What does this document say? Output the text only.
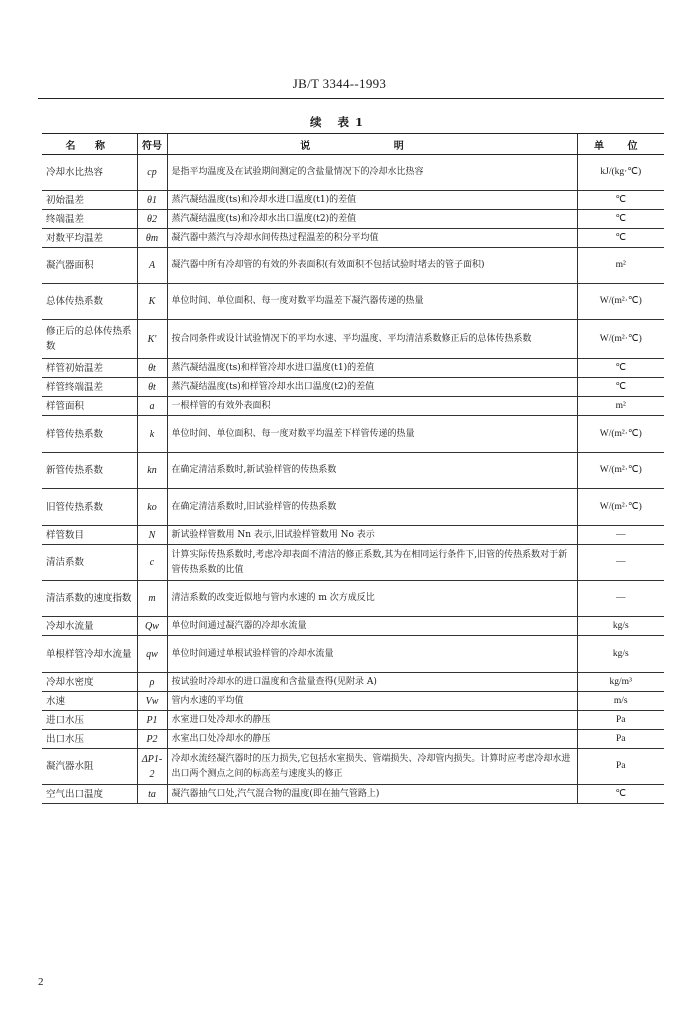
JB/T 3344--1993
续 表1
名 称	符号	说 明	单 位
冷却水比热容	cp	是指平均温度及在试验期间测定的含盐量情况下的冷却水比热容	kJ/(kg·℃)
初始温差	θ1	蒸汽凝结温度(ts)和冷却水进口温度(t1)的差值	℃
终端温差	θ2	蒸汽凝结温度(ts)和冷却水出口温度(t2)的差值	℃
对数平均温差	θm	凝汽器中蒸汽与冷却水间传热过程温差的积分平均值	℃
凝汽器面积	A	凝汽器中所有冷却管的有效的外表面积(有效面积不包括试验时堵去的管子面积)	m²
总体传热系数	K	单位时间、单位面积、每一度对数平均温差下凝汽器传递的热量	W/(m²·℃)
修正后的总体传热系数	K'	按合同条件或设计试验情况下的平均水速、平均温度、平均清洁系数修正后的总体传热系数	W/(m²·℃)
样管初始温差	θt	蒸汽凝结温度(ts)和样管冷却水进口温度(t1)的差值	℃
样管终端温差	θt	蒸汽凝结温度(ts)和样管冷却水出口温度(t2)的差值	℃
样管面积	a	一根样管的有效外表面积	m²
样管传热系数	k	单位时间、单位面积、每一度对数平均温差下样管传递的热量	W/(m²·℃)
新管传热系数	kn	在确定清洁系数时,新试验样管的传热系数	W/(m²·℃)
旧管传热系数	ko	在确定清洁系数时,旧试验样管的传热系数	W/(m²·℃)
样管数目	N	新试验样管数用 Nn 表示,旧试验样管数用 No 表示	—
清洁系数	c	计算实际传热系数时,考虑冷却表面不清洁的修正系数,其为在相同运行条件下,旧管的传热系数对于新管传热系数的比值	—
清洁系数的速度指数	m	清洁系数的改变近似地与管内水速的 m 次方成反比	—
冷却水流量	Qw	单位时间通过凝汽器的冷却水流量	kg/s
单根样管冷却水流量	qw	单位时间通过单根试验样管的冷却水流量	kg/s
冷却水密度	ρ	按试验时冷却水的进口温度和含盐量查得(见附录 A)	kg/m³
水速	Vw	管内水速的平均值	m/s
进口水压	P1	水室进口处冷却水的静压	Pa
出口水压	P2	水室出口处冷却水的静压	Pa
凝汽器水阻	ΔP1-2	冷却水流经凝汽器时的压力损失,它包括水室损失、管端损失、冷却管内损失。计算时应考虑冷却水进出口两个测点之间的标高差与速度头的修正	Pa
空气出口温度	ta	凝汽器抽气口处,汽气混合物的温度(即在抽气管路上)	℃
2
